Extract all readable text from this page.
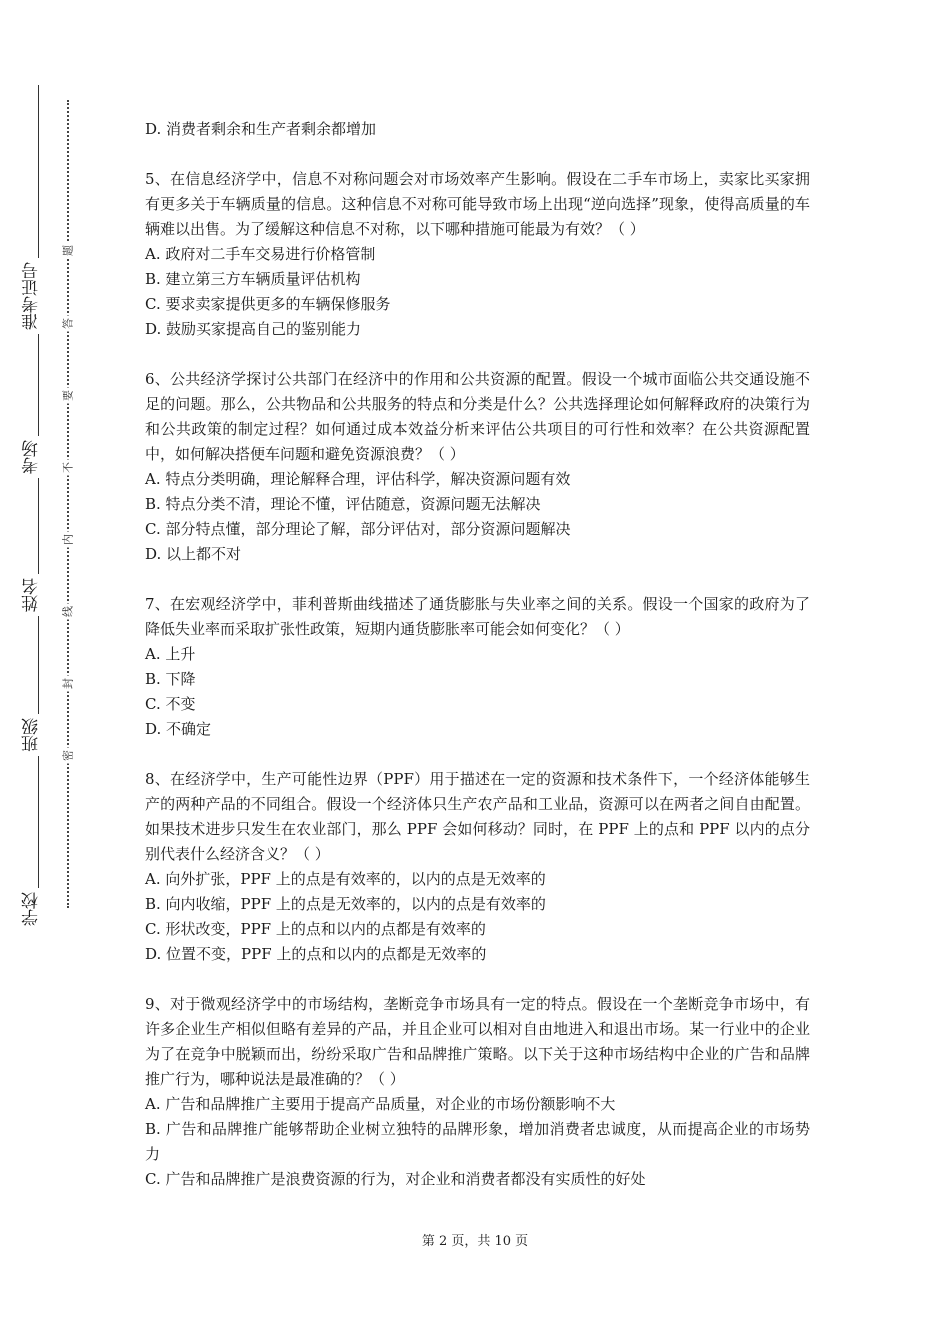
准考证号
考场
姓名
班级
学校
题
答
要
不
内
线
封
密

D. 消费者剩余和生产者剩余都增加

5、在信息经济学中，信息不对称问题会对市场效率产生影响。假设在二手车市场上，卖家比买家拥有更多关于车辆质量的信息。这种信息不对称可能导致市场上出现“逆向选择”现象，使得高质量的车辆难以出售。为了缓解这种信息不对称，以下哪种措施可能最为有效？（ ）

A. 政府对二手车交易进行价格管制

B. 建立第三方车辆质量评估机构

C. 要求卖家提供更多的车辆保修服务

D. 鼓励买家提高自己的鉴别能力

6、公共经济学探讨公共部门在经济中的作用和公共资源的配置。假设一个城市面临公共交通设施不足的问题。那么，公共物品和公共服务的特点和分类是什么？公共选择理论如何解释政府的决策行为和公共政策的制定过程？如何通过成本效益分析来评估公共项目的可行性和效率？在公共资源配置中，如何解决搭便车问题和避免资源浪费？（ ）

A. 特点分类明确，理论解释合理，评估科学，解决资源问题有效

B. 特点分类不清，理论不懂，评估随意，资源问题无法解决

C. 部分特点懂，部分理论了解，部分评估对，部分资源问题解决

D. 以上都不对

7、在宏观经济学中，菲利普斯曲线描述了通货膨胀与失业率之间的关系。假设一个国家的政府为了降低失业率而采取扩张性政策，短期内通货膨胀率可能会如何变化？（ ）

A. 上升

B. 下降

C. 不变

D. 不确定

8、在经济学中，生产可能性边界（PPF）用于描述在一定的资源和技术条件下，一个经济体能够生产的两种产品的不同组合。假设一个经济体只生产农产品和工业品，资源可以在两者之间自由配置。如果技术进步只发生在农业部门，那么 PPF 会如何移动？同时，在 PPF 上的点和 PPF 以内的点分别代表什么经济含义？（ ）

A. 向外扩张，PPF 上的点是有效率的，以内的点是无效率的

B. 向内收缩，PPF 上的点是无效率的，以内的点是有效率的

C. 形状改变，PPF 上的点和以内的点都是有效率的

D. 位置不变，PPF 上的点和以内的点都是无效率的

9、对于微观经济学中的市场结构，垄断竞争市场具有一定的特点。假设在一个垄断竞争市场中，有许多企业生产相似但略有差异的产品，并且企业可以相对自由地进入和退出市场。某一行业中的企业为了在竞争中脱颖而出，纷纷采取广告和品牌推广策略。以下关于这种市场结构中企业的广告和品牌推广行为，哪种说法是最准确的？（ ）

A. 广告和品牌推广主要用于提高产品质量，对企业的市场份额影响不大

B. 广告和品牌推广能够帮助企业树立独特的品牌形象，增加消费者忠诚度，从而提高企业的市场势力

C. 广告和品牌推广是浪费资源的行为，对企业和消费者都没有实质性的好处

第 2 页，共 10 页
